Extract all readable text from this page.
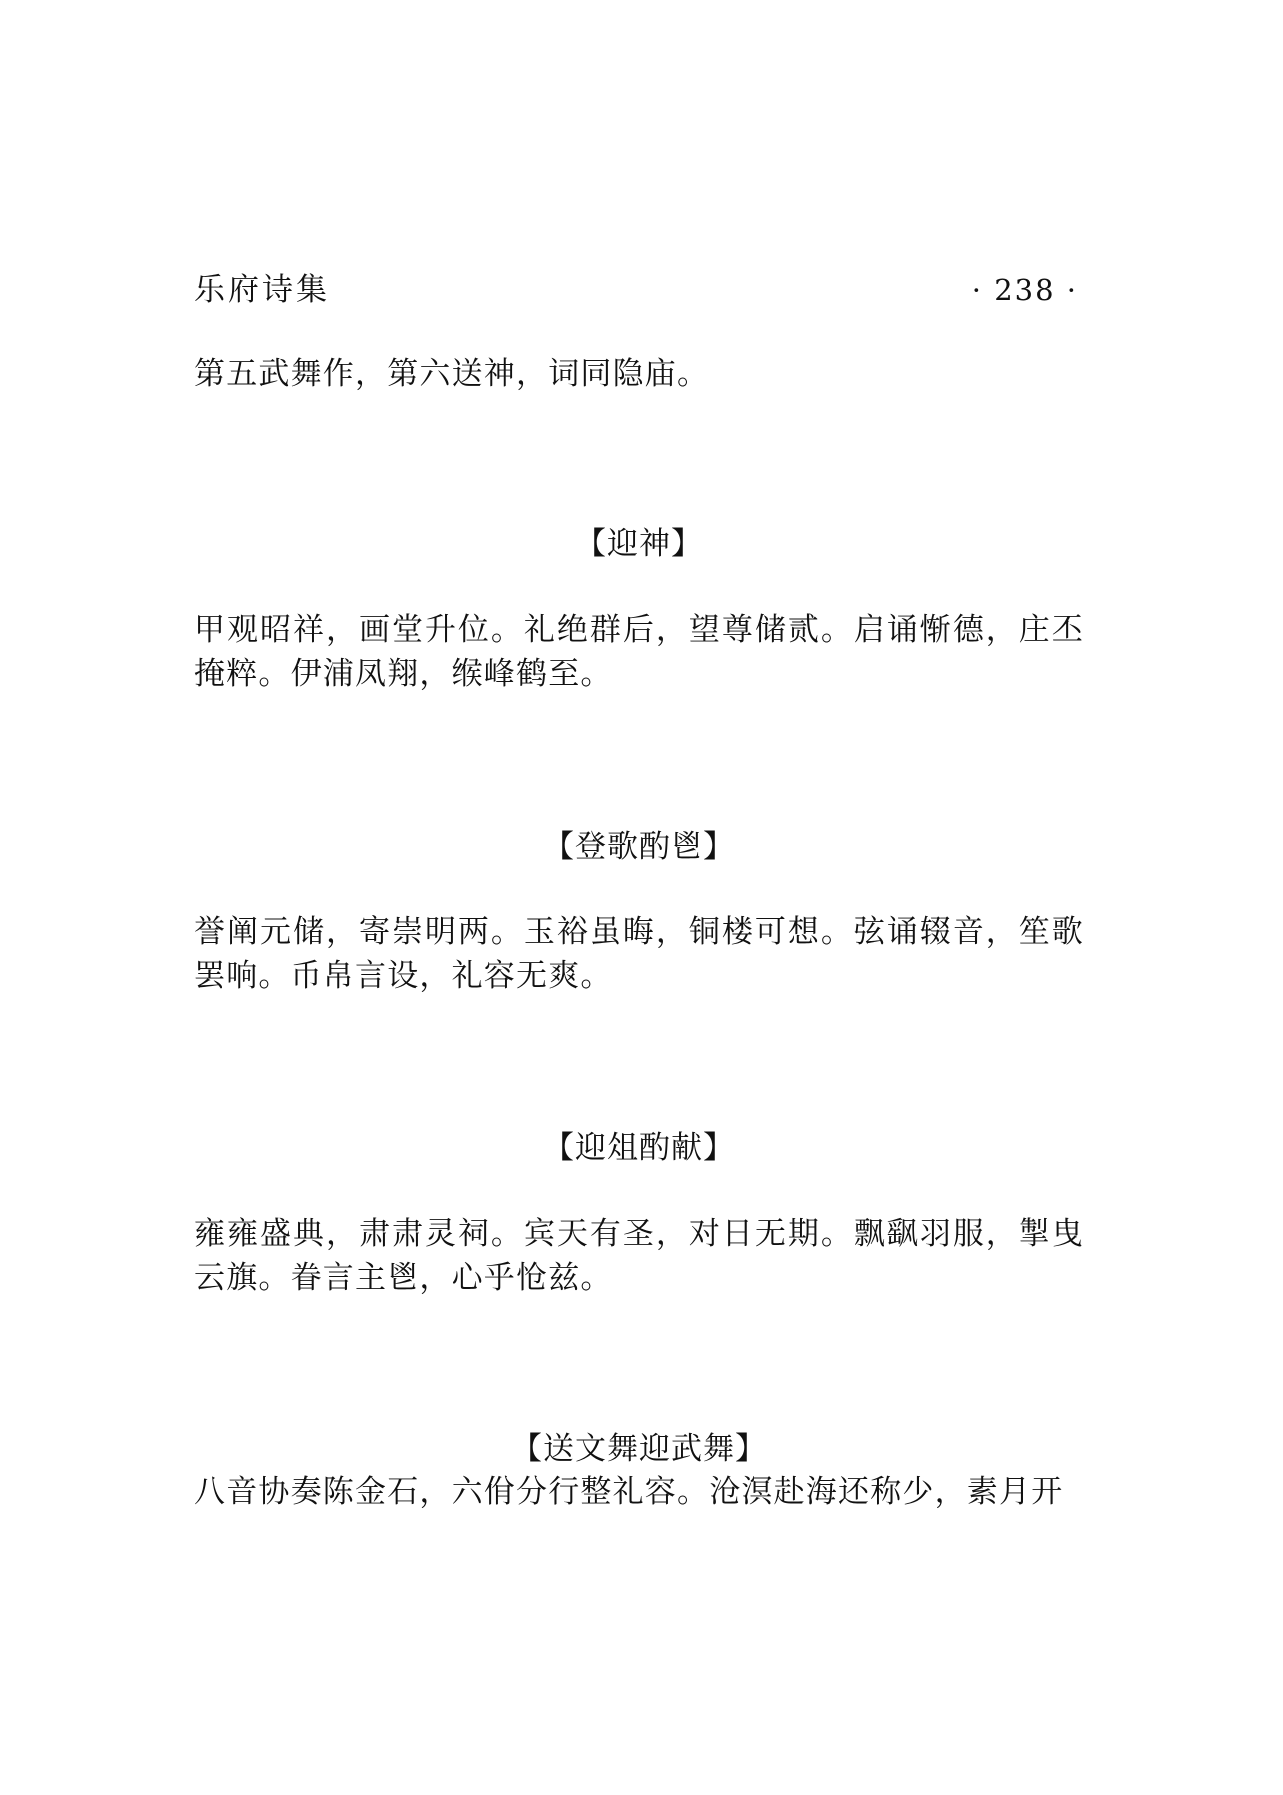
乐府诗集	· 238 ·

第五武舞作，第六送神，词同隐庙。

【迎神】

甲观昭祥，画堂升位。礼绝群后，望尊储贰。启诵惭德，庄丕掩粹。伊浦凤翔，缑峰鹤至。

【登歌酌鬯】

誉阐元储，寄崇明两。玉裕虽晦，铜楼可想。弦诵辍音，笙歌罢响。币帛言设，礼容无爽。

【迎俎酌献】

雍雍盛典，肃肃灵祠。宾天有圣，对日无期。飘飖羽服，掣曳云旗。眷言主鬯，心乎怆兹。

【送文舞迎武舞】

八音协奏陈金石，六佾分行整礼容。沧溟赴海还称少，素月开
